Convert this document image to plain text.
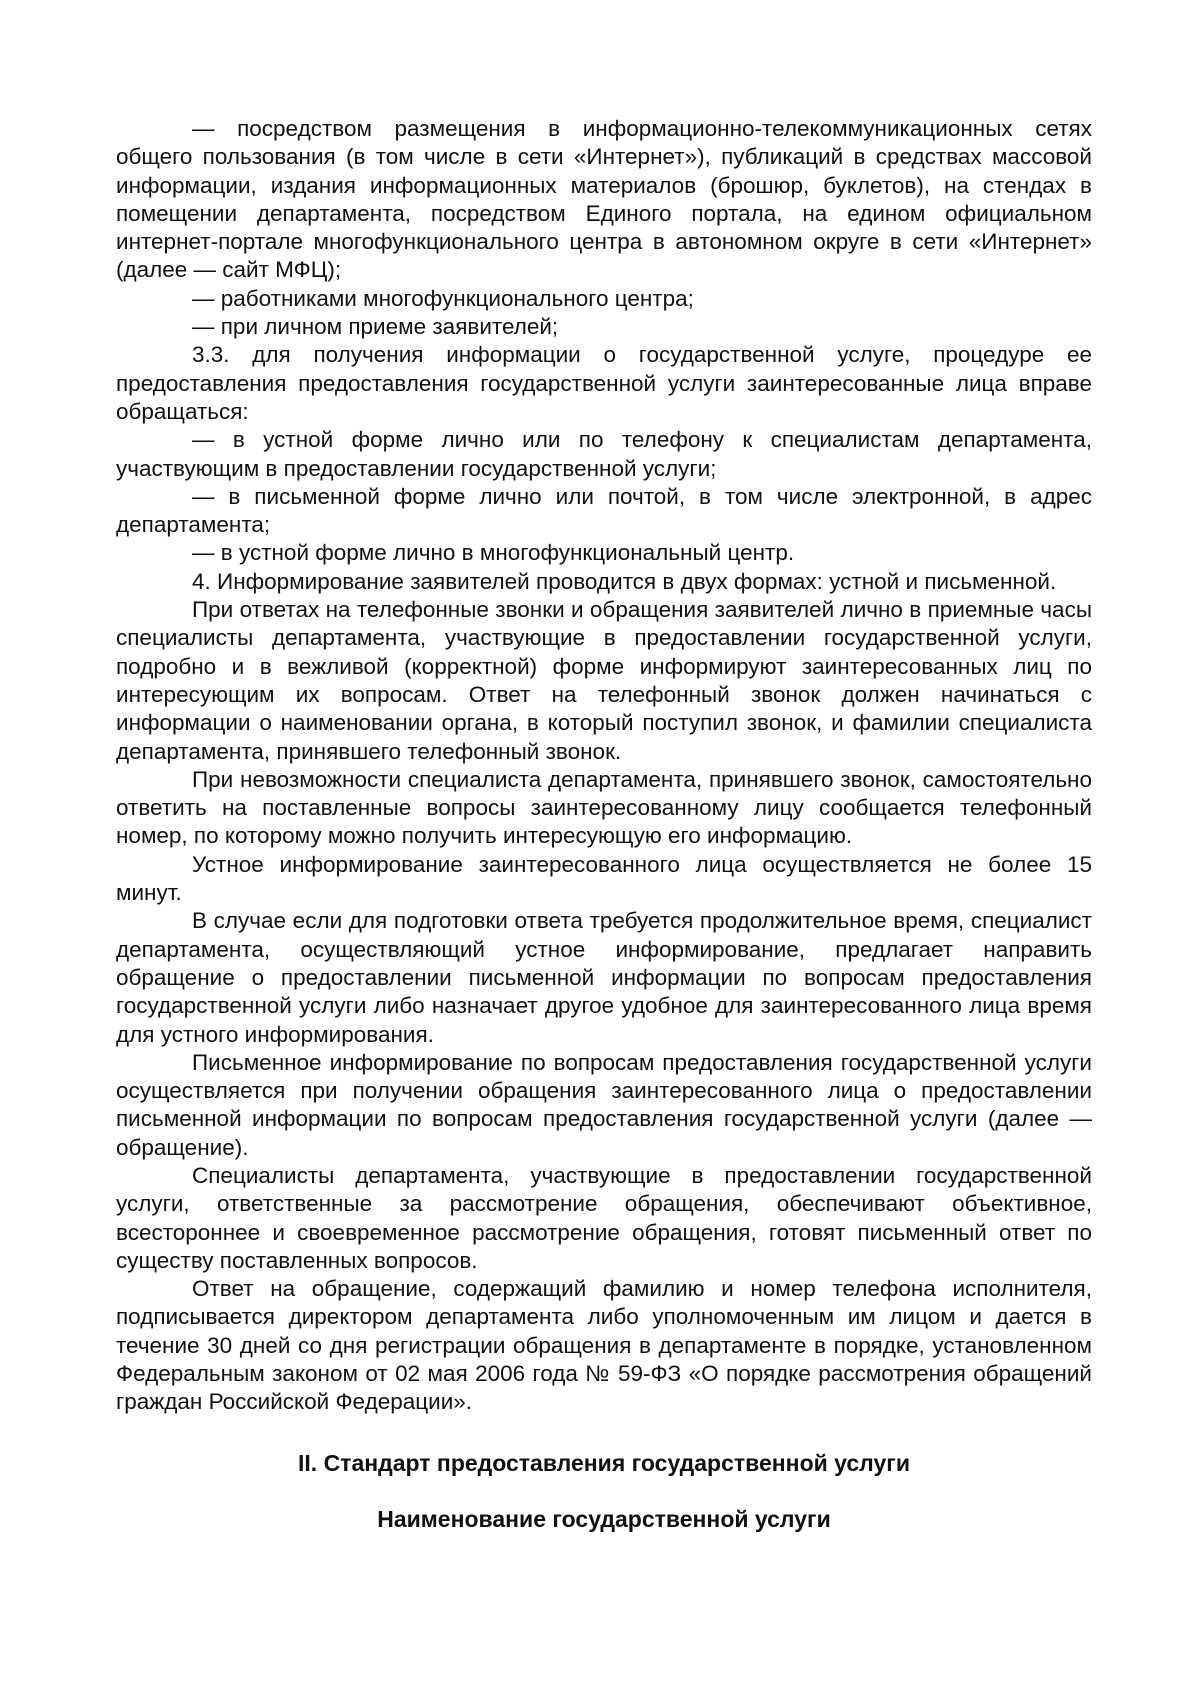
— посредством размещения в информационно-телекоммуникационных сетях общего пользования (в том числе в сети «Интернет»), публикаций в средствах массовой информации, издания информационных материалов (брошюр, буклетов), на стендах в помещении департамента, посредством Единого портала, на едином официальном интернет-портале многофункционального центра в автономном округе в сети «Интернет» (далее — сайт МФЦ);

— работниками многофункционального центра;

— при личном приеме заявителей;

3.3. для получения информации о государственной услуге, процедуре ее предоставления предоставления государственной услуги заинтересованные лица вправе обращаться:

— в устной форме лично или по телефону к специалистам департамента, участвующим в предоставлении государственной услуги;

— в письменной форме лично или почтой, в том числе электронной, в адрес департамента;

— в устной форме лично в многофункциональный центр.

4. Информирование заявителей проводится в двух формах: устной и письменной.

При ответах на телефонные звонки и обращения заявителей лично в приемные часы специалисты департамента, участвующие в предоставлении государственной услуги, подробно и в вежливой (корректной) форме информируют заинтересованных лиц по интересующим их вопросам. Ответ на телефонный звонок должен начинаться с информации о наименовании органа, в который поступил звонок, и фамилии специалиста департамента, принявшего телефонный звонок.

При невозможности специалиста департамента, принявшего звонок, самостоятельно ответить на поставленные вопросы заинтересованному лицу сообщается телефонный номер, по которому можно получить интересующую его информацию.

Устное информирование заинтересованного лица осуществляется не более 15 минут.

В случае если для подготовки ответа требуется продолжительное время, специалист департамента, осуществляющий устное информирование, предлагает направить обращение о предоставлении письменной информации по вопросам предоставления государственной услуги либо назначает другое удобное для заинтересованного лица время для устного информирования.

Письменное информирование по вопросам предоставления государственной услуги осуществляется при получении обращения заинтересованного лица о предоставлении письменной информации по вопросам предоставления государственной услуги (далее — обращение).

Специалисты департамента, участвующие в предоставлении государственной услуги, ответственные за рассмотрение обращения, обеспечивают объективное, всестороннее и своевременное рассмотрение обращения, готовят письменный ответ по существу поставленных вопросов.

Ответ на обращение, содержащий фамилию и номер телефона исполнителя, подписывается директором департамента либо уполномоченным им лицом и дается в течение 30 дней со дня регистрации обращения в департаменте в порядке, установленном Федеральным законом от 02 мая 2006 года № 59-ФЗ «О порядке рассмотрения обращений граждан Российской Федерации».

II. Стандарт предоставления государственной услуги
Наименование государственной услуги
